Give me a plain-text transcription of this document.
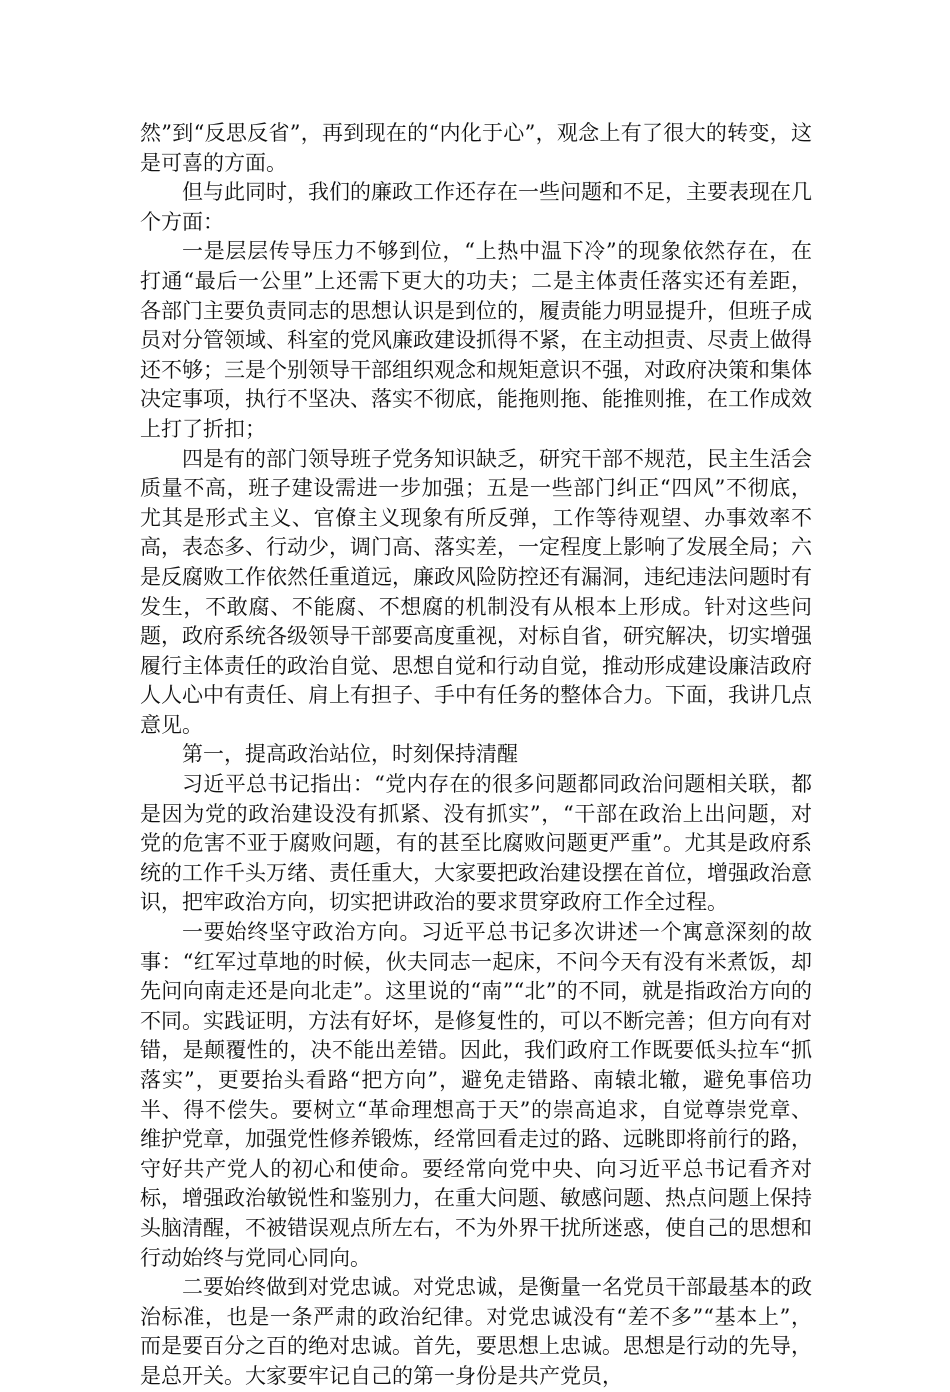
然”到“反思反省”，再到现在的“内化于心”，观念上有了很大的转变，这是可喜的方面。

但与此同时，我们的廉政工作还存在一些问题和不足，主要表现在几个方面：

一是层层传导压力不够到位，“上热中温下冷”的现象依然存在，在打通“最后一公里”上还需下更大的功夫；二是主体责任落实还有差距，各部门主要负责同志的思想认识是到位的，履责能力明显提升，但班子成员对分管领域、科室的党风廉政建设抓得不紧，在主动担责、尽责上做得还不够；三是个别领导干部组织观念和规矩意识不强，对政府决策和集体决定事项，执行不坚决、落实不彻底，能拖则拖、能推则推，在工作成效上打了折扣；

四是有的部门领导班子党务知识缺乏，研究干部不规范，民主生活会质量不高，班子建设需进一步加强；五是一些部门纠正“四风”不彻底，尤其是形式主义、官僚主义现象有所反弹，工作等待观望、办事效率不高，表态多、行动少，调门高、落实差，一定程度上影响了发展全局；六是反腐败工作依然任重道远，廉政风险防控还有漏洞，违纪违法问题时有发生，不敢腐、不能腐、不想腐的机制没有从根本上形成。针对这些问题，政府系统各级领导干部要高度重视，对标自省，研究解决，切实增强履行主体责任的政治自觉、思想自觉和行动自觉，推动形成建设廉洁政府人人心中有责任、肩上有担子、手中有任务的整体合力。下面，我讲几点意见。

第一，提高政治站位，时刻保持清醒

习近平总书记指出：“党内存在的很多问题都同政治问题相关联，都是因为党的政治建设没有抓紧、没有抓实”，“干部在政治上出问题，对党的危害不亚于腐败问题，有的甚至比腐败问题更严重”。尤其是政府系统的工作千头万绪、责任重大，大家要把政治建设摆在首位，增强政治意识，把牢政治方向，切实把讲政治的要求贯穿政府工作全过程。

一要始终坚守政治方向。习近平总书记多次讲述一个寓意深刻的故事：“红军过草地的时候，伙夫同志一起床，不问今天有没有米煮饭，却先问向南走还是向北走”。这里说的“南”“北”的不同，就是指政治方向的不同。实践证明，方法有好坏，是修复性的，可以不断完善；但方向有对错，是颠覆性的，决不能出差错。因此，我们政府工作既要低头拉车“抓落实”，更要抬头看路“把方向”，避免走错路、南辕北辙，避免事倍功半、得不偿失。要树立“革命理想高于天”的崇高追求，自觉尊崇党章、维护党章，加强党性修养锻炼，经常回看走过的路、远眺即将前行的路，守好共产党人的初心和使命。要经常向党中央、向习近平总书记看齐对标，增强政治敏锐性和鉴别力，在重大问题、敏感问题、热点问题上保持头脑清醒，不被错误观点所左右，不为外界干扰所迷惑，使自己的思想和行动始终与党同心同向。

二要始终做到对党忠诚。对党忠诚，是衡量一名党员干部最基本的政治标准，也是一条严肃的政治纪律。对党忠诚没有“差不多”“基本上”，而是要百分之百的绝对忠诚。首先，要思想上忠诚。思想是行动的先导，是总开关。大家要牢记自己的第一身份是共产党员，
